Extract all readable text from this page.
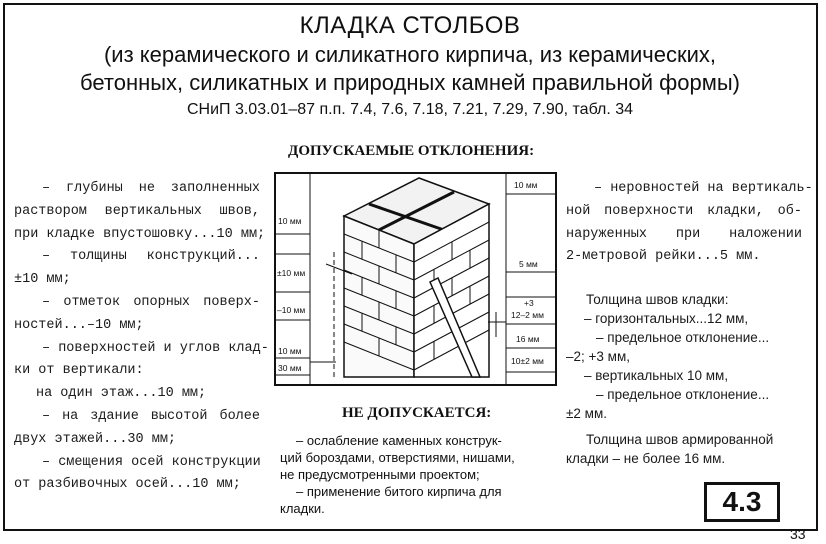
КЛАДКА СТОЛБОВ
(из керамического и силикатного кирпича, из керамических,
бетонных, силикатных и природных камней правильной формы)
СНиП 3.03.01–87 п.п. 7.4, 7.6, 7.18, 7.21, 7.29, 7.90, табл. 34
ДОПУСКАЕМЫЕ ОТКЛОНЕНИЯ:
– глубины не заполненных
раствором вертикальных швов,
при кладке впустошовку...10 мм;
– толщины конструкций...
±10 мм;
– отметок опорных поверх-
ностей...–10 мм;
– поверхностей и углов клад-
ки от вертикали:
на один этаж...10 мм;
– на здание высотой более
двух этажей...30 мм;
– смещения осей конструкции
от разбивочных осей...10 мм;
– неровностей на вертикаль-
ной поверхности кладки, об-
наруженных при наложении
2-метровой рейки...5 мм.
Толщина швов кладки:
– горизонтальных...12 мм,
– предельное отклонение...
–2; +3 мм,
– вертикальных 10 мм,
– предельное отклонение...
±2 мм.
Толщина швов армированной
кладки – не более 16 мм.
НЕ ДОПУСКАЕТСЯ:
– ослабление каменных конструк-
ций бороздами, отверстиями, нишами,
не предусмотренными проектом;
– применение битого кирпича для
кладки.
10 мм
±10 мм
–10 мм
10 мм
30 мм
10 мм
5 мм
+3
12–2 мм
16 мм
10±2 мм
4.3
33
